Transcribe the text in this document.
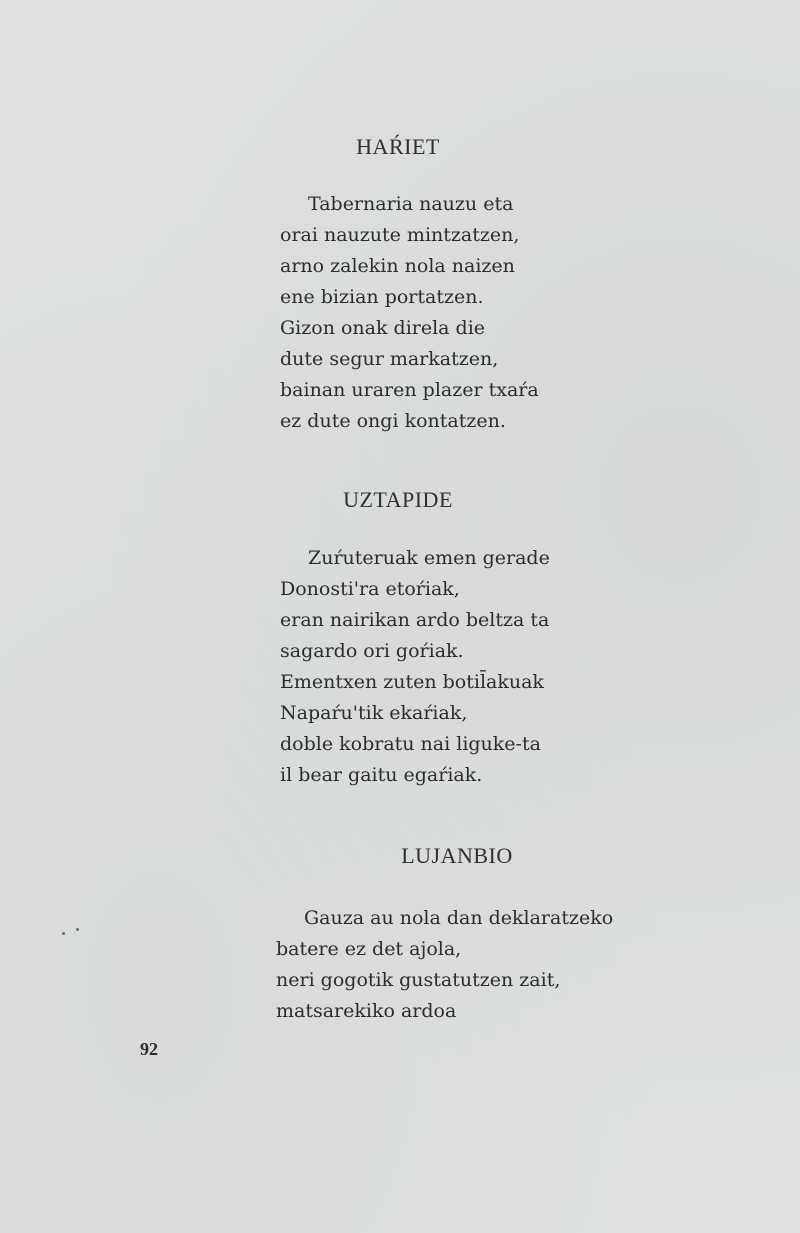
HAŔIET
Tabernaria nauzu eta
orai nauzute mintzatzen,
arno zalekin nola naizen
ene bizian portatzen.
Gizon onak direla die
dute segur markatzen,
bainan uraren plazer txaŕa
ez dute ongi kontatzen.
UZTAPIDE
Zuŕuteruak emen gerade
Donosti'ra etoŕiak,
eran nairikan ardo beltza ta
sagardo ori goŕiak.
Ementxen zuten botil̄akuak
Napaŕu'tik ekaŕiak,
doble kobratu nai liguke-ta
il bear gaitu egaŕiak.
LUJANBIO
Gauza au nola dan deklaratzeko
batere ez det ajola,
neri gogotik gustatutzen zait,
matsarekiko ardoa
92
